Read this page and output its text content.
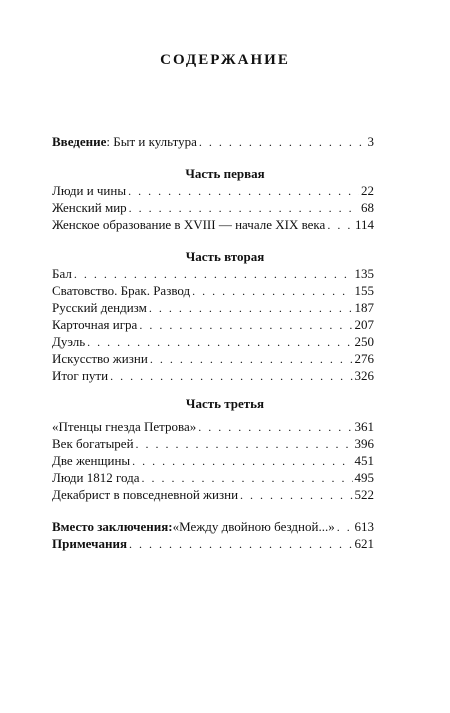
СОДЕРЖАНИЕ
Введение : Быт и культура . . .	3
Часть первая
Люди и чины . . .	22
Женский мир . . .	68
Женское образование в XVIII — начале XIX века . . . 114
Часть вторая
Бал . . .	135
Сватовство. Брак. Развод . . .	155
Русский дендизм . . .	187
Карточная игра . . .	207
Дуэль . . .	250
Искусство жизни . . .	276
Итог пути . . .	326
Часть третья
«Птенцы гнезда Петрова» . . .	361
Век богатырей . . .	396
Две женщины . . .	451
Люди 1812 года . . .	495
Декабрист в повседневной жизни . . .	522
Вместо заключения: «Между двойною бездной...» . . . 613
Примечания . . .	621
